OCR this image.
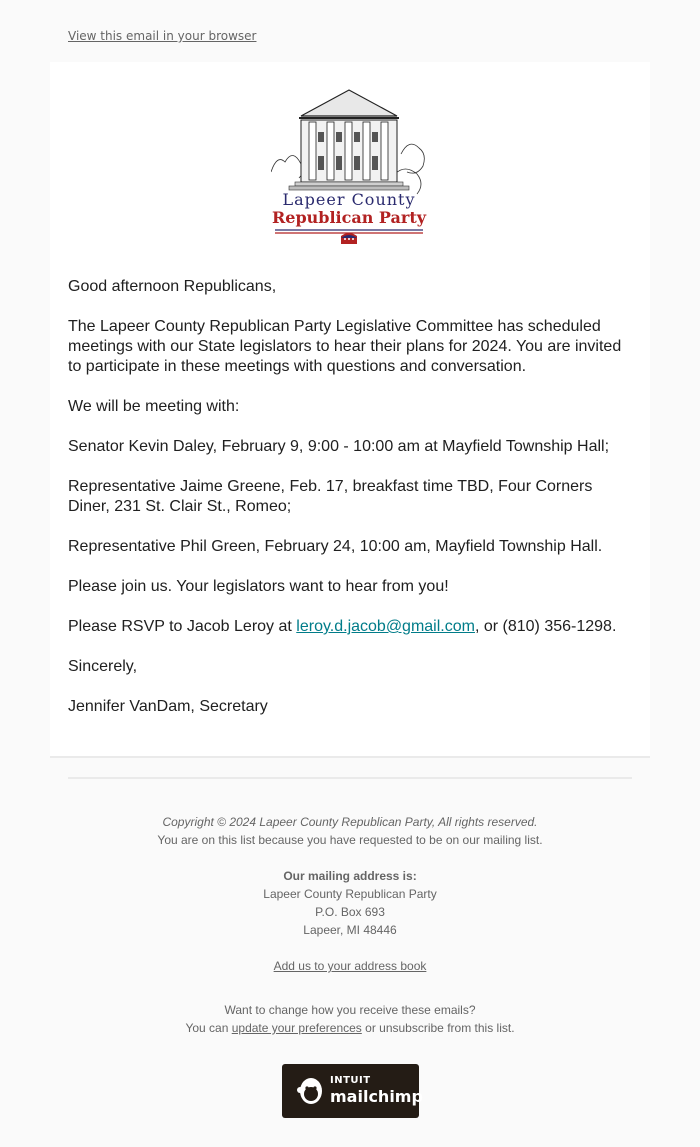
View this email in your browser
Lapeer County
Republican Party

Good afternoon Republicans,

The Lapeer County Republican Party Legislative Committee has scheduled meetings with our State legislators to hear their plans for 2024. You are invited to participate in these meetings with questions and conversation.

We will be meeting with:

Senator Kevin Daley, February 9, 9:00 - 10:00 am at Mayfield Township Hall;

Representative Jaime Greene, Feb. 17, breakfast time TBD, Four Corners Diner, 231 St. Clair St., Romeo;

Representative Phil Green, February 24, 10:00 am, Mayfield Township Hall.

Please join us. Your legislators want to hear from you!

Please RSVP to Jacob Leroy at leroy.d.jacob@gmail.com, or (810) 356-1298.

Sincerely,

Jennifer VanDam, Secretary

Copyright © 2024 Lapeer County Republican Party, All rights reserved.

You are on this list because you have requested to be on our mailing list.

Our mailing address is:

Lapeer County Republican Party

P.O. Box 693

Lapeer, MI 48446

Add us to your address book

Want to change how you receive these emails?

You can update your preferences or unsubscribe from this list.

INTUIT
mailchimp
